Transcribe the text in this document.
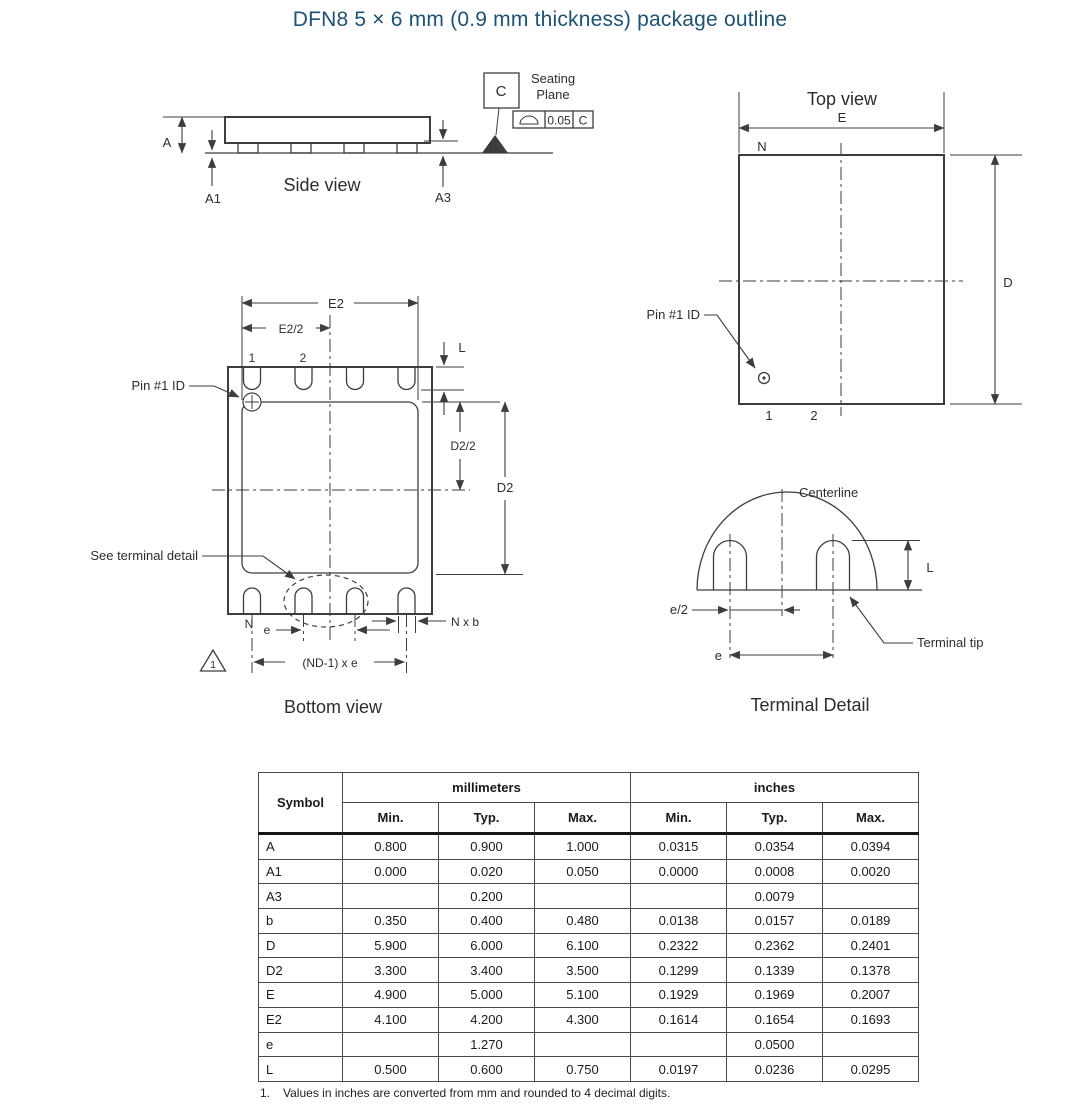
DFN8 5 × 6 mm (0.9 mm thickness) package outline
A
A1	A3
Side view
C
Seating
Plane
0.05 C
Top view
E
N
D
Pin #1 ID
1	2
1	2
Pin #1 ID
E2
E2/2
L
D2/2
D2
See terminal detail
N e
N x b
(ND-1) x e
1
Bottom view
Centerline
L
e/2
e
Terminal tip
Terminal Detail
Symbol	millimeters			inches		
	Min.	Typ.	Max.	Min.	Typ.	Max.
A	0.800	0.900	1.000	0.0315	0.0354	0.0394
A1	0.000	0.020	0.050	0.0000	0.0008	0.0020
A3		0.200			0.0079	
b	0.350	0.400	0.480	0.0138	0.0157	0.0189
D	5.900	6.000	6.100	0.2322	0.2362	0.2401
D2	3.300	3.400	3.500	0.1299	0.1339	0.1378
E	4.900	5.000	5.100	0.1929	0.1969	0.2007
E2	4.100	4.200	4.300	0.1614	0.1654	0.1693
e		1.270			0.0500	
L	0.500	0.600	0.750	0.0197	0.0236	0.0295
1. Values in inches are converted from mm and rounded to 4 decimal digits.
